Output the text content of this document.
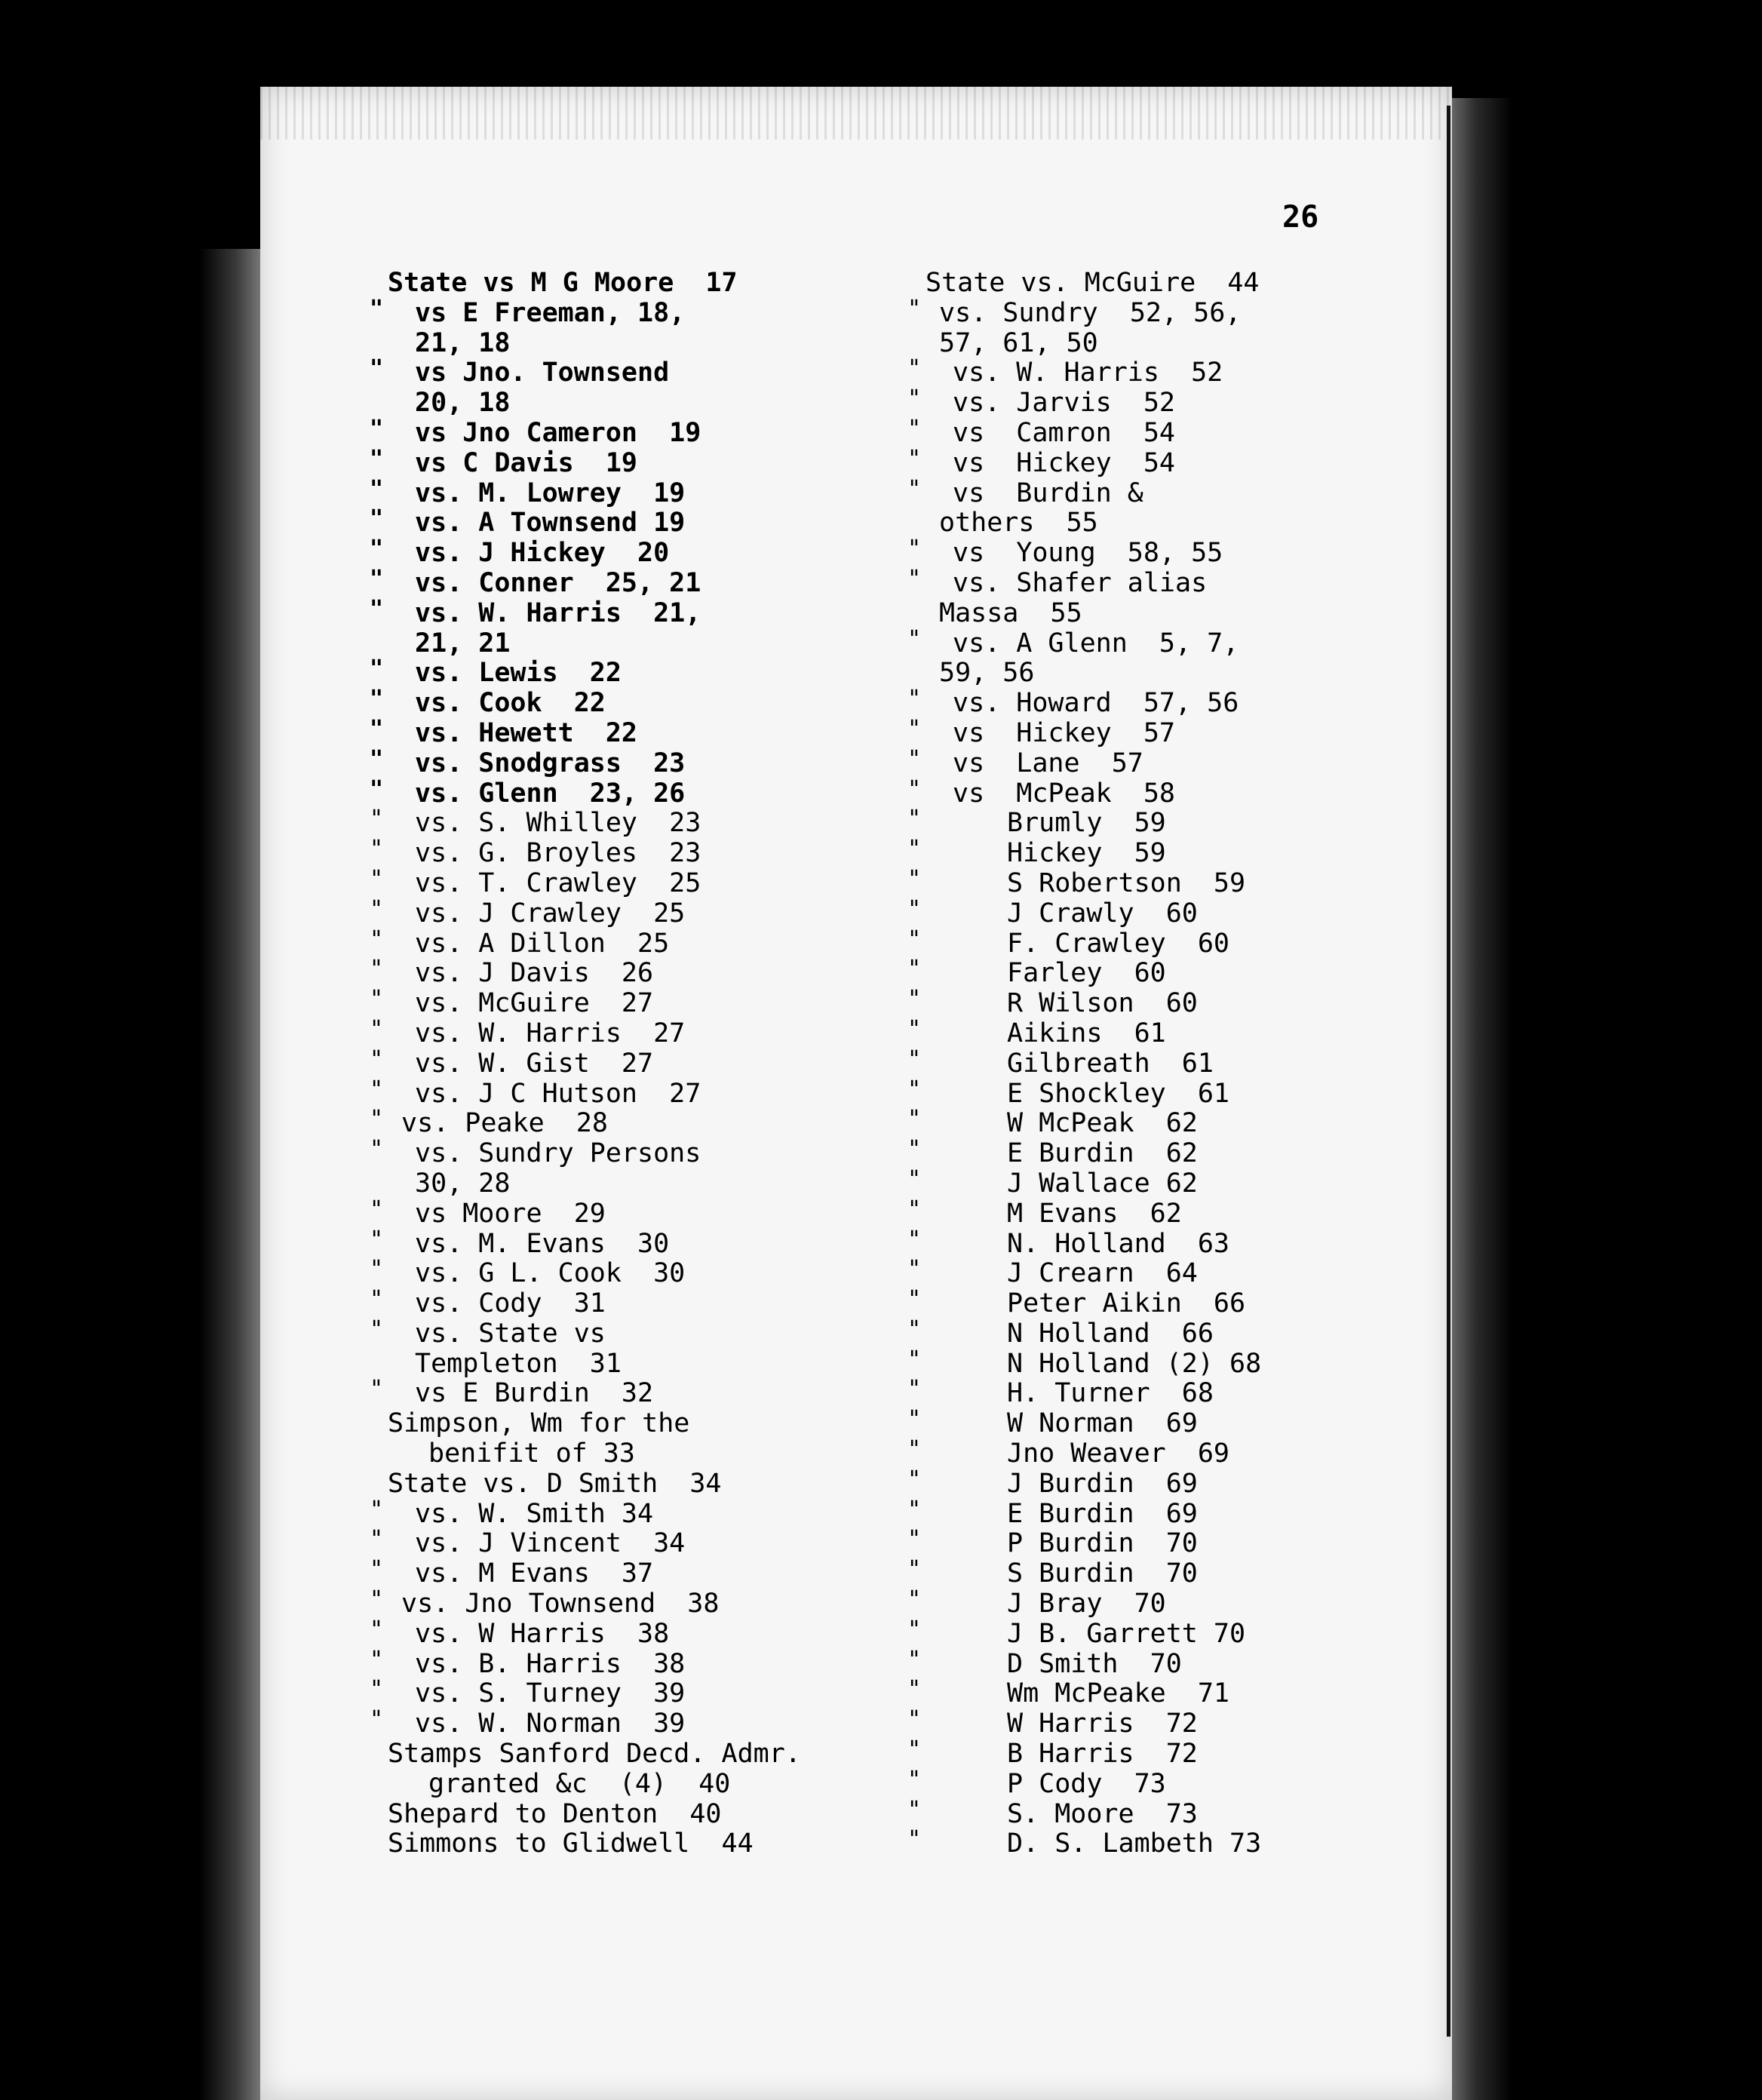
26
State vs M G Moore  17
" vs E Freeman, 18,
21, 18
" vs Jno. Townsend
20, 18
" vs Jno Cameron  19
" vs C Davis  19
" vs. M. Lowrey  19
" vs. A Townsend 19
" vs. J Hickey  20
" vs. Conner  25, 21
" vs. W. Harris  21,
21, 21
" vs. Lewis  22
" vs. Cook  22
" vs. Hewett  22
" vs. Snodgrass  23
" vs. Glenn  23, 26
" vs. S. Whilley  23
" vs. G. Broyles  23
" vs. T. Crawley  25
" vs. J Crawley  25
" vs. A Dillon  25
" vs. J Davis  26
" vs. McGuire  27
" vs. W. Harris  27
" vs. W. Gist  27
" vs. J C Hutson  27
" vs. Peake  28
" vs. Sundry Persons
30, 28
" vs Moore  29
" vs. M. Evans  30
" vs. G L. Cook  30
" vs. Cody  31
" vs. State vs
Templeton  31
" vs E Burdin  32
Simpson, Wm for the
benifit of 33
State vs. D Smith  34
" vs. W. Smith 34
" vs. J Vincent  34
" vs. M Evans  37
" vs. Jno Townsend  38
" vs. W Harris  38
" vs. B. Harris  38
" vs. S. Turney  39
" vs. W. Norman  39
Stamps Sanford Decd. Admr.
granted &c  (4)  40
Shepard to Denton  40
Simmons to Glidwell  44
State vs. McGuire  44
" vs. Sundry  52, 56,
57, 61, 50
" vs. W. Harris  52
" vs. Jarvis  52
" vs  Camron  54
" vs  Hickey  54
" vs  Burdin &
others  55
" vs  Young  58, 55
" vs. Shafer alias
Massa  55
" vs. A Glenn  5, 7,
59, 56
" vs. Howard  57, 56
" vs  Hickey  57
" vs  Lane  57
" vs  McPeak  58
"	Brumly  59
"	Hickey  59
"	S Robertson  59
"	J Crawly  60
"	F. Crawley  60
"	Farley  60
"	R Wilson  60
"	Aikins  61
"	Gilbreath  61
"	E Shockley  61
"	W McPeak  62
"	E Burdin  62
"	J Wallace 62
"	M Evans  62
"	N. Holland  63
"	J Crearn  64
"	Peter Aikin  66
"	N Holland  66
"	N Holland (2) 68
"	H. Turner  68
"	W Norman  69
"	Jno Weaver  69
"	J Burdin  69
"	E Burdin  69
"	P Burdin  70
"	S Burdin  70
"	J Bray  70
"	J B. Garrett 70
"	D Smith  70
"	Wm McPeake  71
"	W Harris  72
"	B Harris  72
"	P Cody  73
"	S. Moore  73
"	D. S. Lambeth 73
